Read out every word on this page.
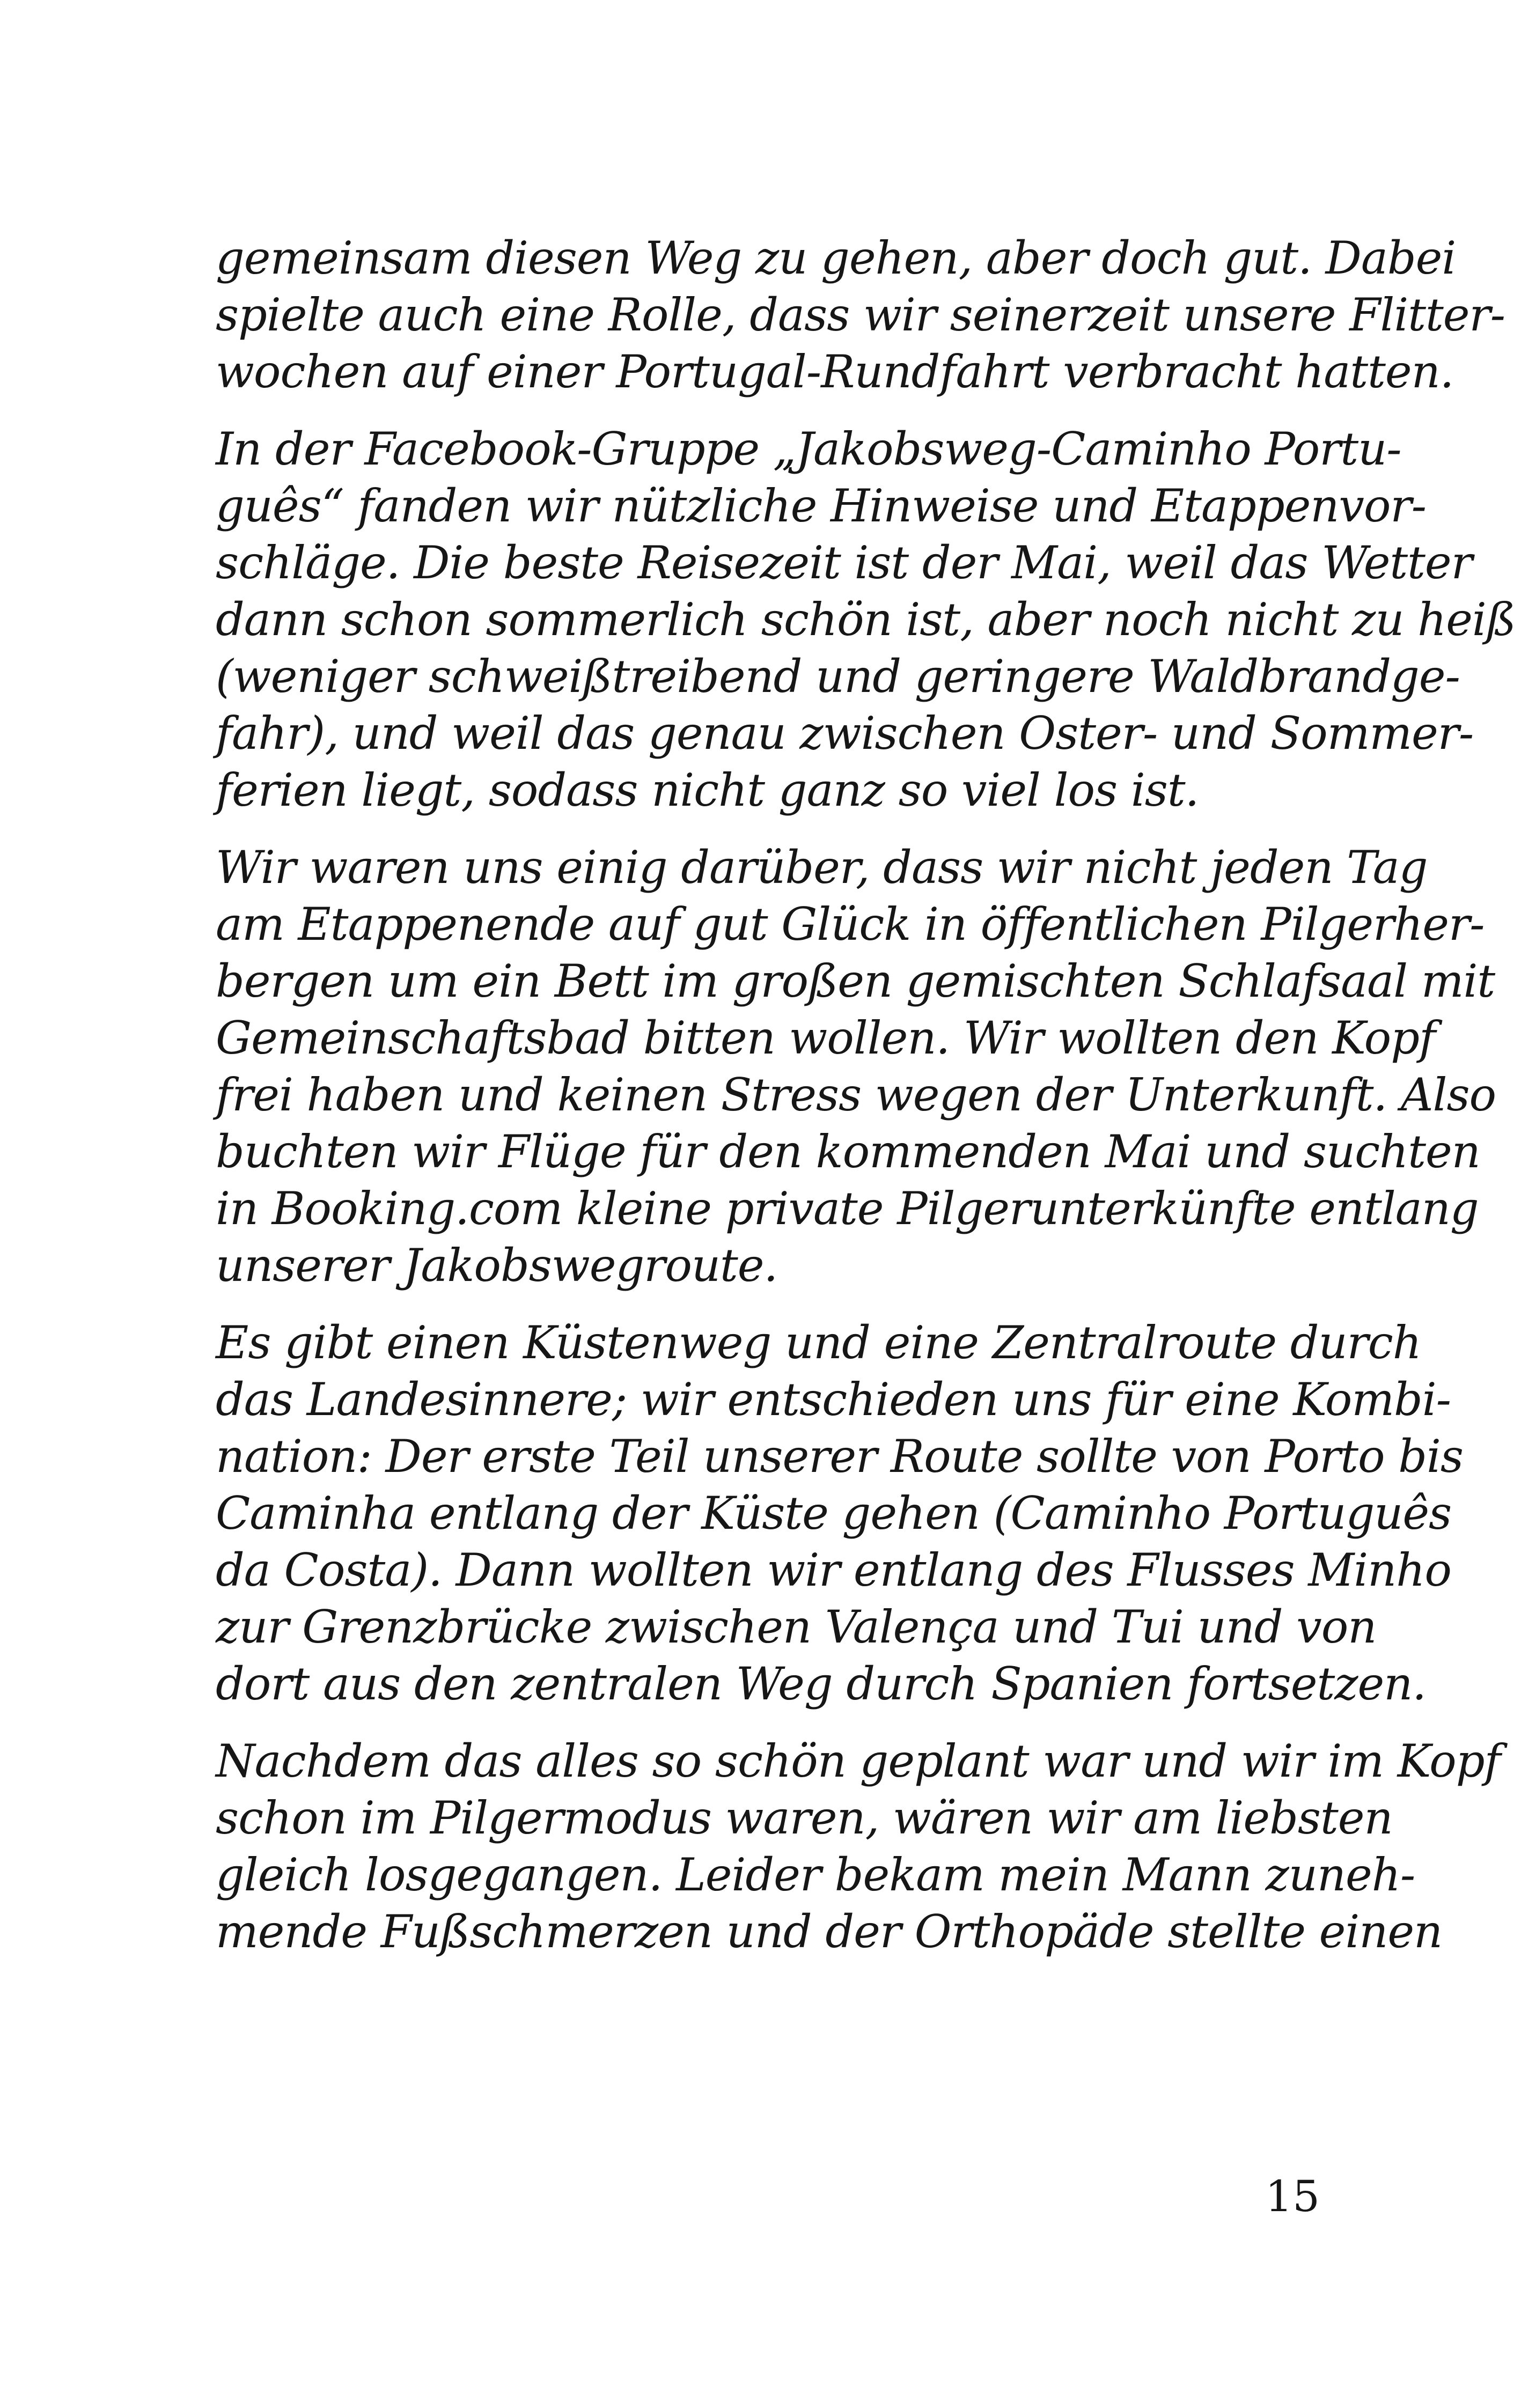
gemeinsam diesen Weg zu gehen, aber doch gut. Dabei
spielte auch eine Rolle, dass wir seinerzeit unsere Flitter-
wochen auf einer Portugal-Rundfahrt verbracht hatten.
In der Facebook-Gruppe „Jakobsweg-Caminho Portu-
guês“ fanden wir nützliche Hinweise und Etappenvor-
schläge. Die beste Reisezeit ist der Mai, weil das Wetter
dann schon sommerlich schön ist, aber noch nicht zu heiß
(weniger schweißtreibend und geringere Waldbrandge-
fahr), und weil das genau zwischen Oster- und Sommer-
ferien liegt, sodass nicht ganz so viel los ist.
Wir waren uns einig darüber, dass wir nicht jeden Tag
am Etappenende auf gut Glück in öffentlichen Pilgerher-
bergen um ein Bett im großen gemischten Schlafsaal mit
Gemeinschaftsbad bitten wollen. Wir wollten den Kopf
frei haben und keinen Stress wegen der Unterkunft. Also
buchten wir Flüge für den kommenden Mai und suchten
in Booking.com kleine private Pilgerunterkünfte entlang
unserer Jakobswegroute.
Es gibt einen Küstenweg und eine Zentralroute durch
das Landesinnere; wir entschieden uns für eine Kombi-
nation: Der erste Teil unserer Route sollte von Porto bis
Caminha entlang der Küste gehen (Caminho Português
da Costa). Dann wollten wir entlang des Flusses Minho
zur Grenzbrücke zwischen Valença und Tui und von
dort aus den zentralen Weg durch Spanien fortsetzen.
Nachdem das alles so schön geplant war und wir im Kopf
schon im Pilgermodus waren, wären wir am liebsten
gleich losgegangen. Leider bekam mein Mann zuneh-
mende Fußschmerzen und der Orthopäde stellte einen
15
